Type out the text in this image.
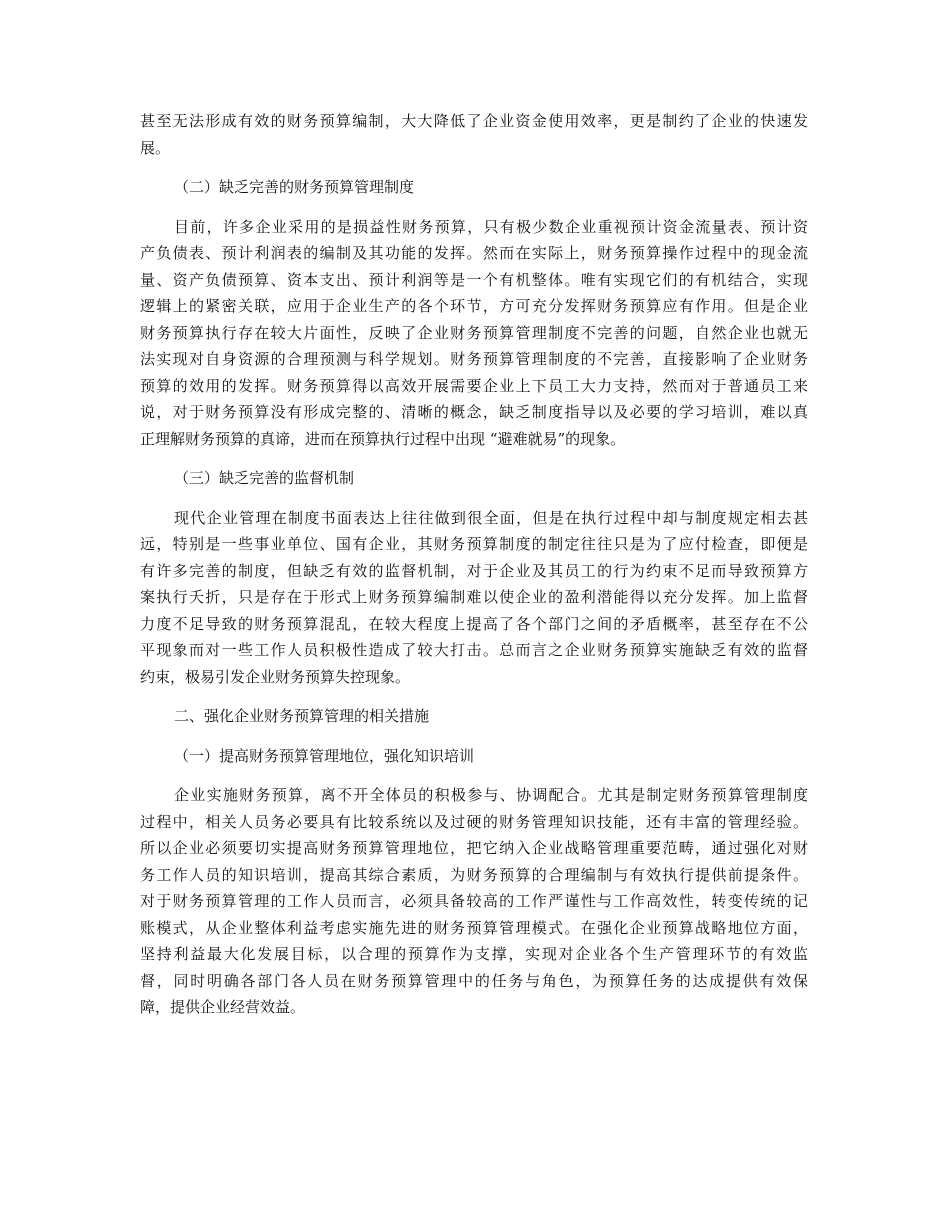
甚至无法形成有效的财务预算编制，大大降低了企业资金使用效率，更是制约了企业的快速发
展。
（二）缺乏完善的财务预算管理制度
目前，许多企业采用的是损益性财务预算，只有极少数企业重视预计资金流量表、预计资
产负债表、预计利润表的编制及其功能的发挥。然而在实际上，财务预算操作过程中的现金流
量、资产负债预算、资本支出、预计利润等是一个有机整体。唯有实现它们的有机结合，实现
逻辑上的紧密关联，应用于企业生产的各个环节，方可充分发挥财务预算应有作用。但是企业
财务预算执行存在较大片面性，反映了企业财务预算管理制度不完善的问题，自然企业也就无
法实现对自身资源的合理预测与科学规划。财务预算管理制度的不完善，直接影响了企业财务
预算的效用的发挥。财务预算得以高效开展需要企业上下员工大力支持，然而对于普通员工来
说，对于财务预算没有形成完整的、清晰的概念，缺乏制度指导以及必要的学习培训，难以真
正理解财务预算的真谛，进而在预算执行过程中出现 “避难就易”的现象。
（三）缺乏完善的监督机制
现代企业管理在制度书面表达上往往做到很全面，但是在执行过程中却与制度规定相去甚
远，特别是一些事业单位、国有企业，其财务预算制度的制定往往只是为了应付检查，即便是
有许多完善的制度，但缺乏有效的监督机制，对于企业及其员工的行为约束不足而导致预算方
案执行夭折，只是存在于形式上财务预算编制难以使企业的盈利潜能得以充分发挥。加上监督
力度不足导致的财务预算混乱，在较大程度上提高了各个部门之间的矛盾概率，甚至存在不公
平现象而对一些工作人员积极性造成了较大打击。总而言之企业财务预算实施缺乏有效的监督
约束，极易引发企业财务预算失控现象。
二、强化企业财务预算管理的相关措施
（一）提高财务预算管理地位，强化知识培训
企业实施财务预算，离不开全体员的积极参与、协调配合。尤其是制定财务预算管理制度
过程中，相关人员务必要具有比较系统以及过硬的财务管理知识技能，还有丰富的管理经验。
所以企业必须要切实提高财务预算管理地位，把它纳入企业战略管理重要范畴，通过强化对财
务工作人员的知识培训，提高其综合素质，为财务预算的合理编制与有效执行提供前提条件。
对于财务预算管理的工作人员而言，必须具备较高的工作严谨性与工作高效性，转变传统的记
账模式，从企业整体利益考虑实施先进的财务预算管理模式。在强化企业预算战略地位方面，
坚持利益最大化发展目标，以合理的预算作为支撑，实现对企业各个生产管理环节的有效监
督，同时明确各部门各人员在财务预算管理中的任务与角色，为预算任务的达成提供有效保
障，提供企业经营效益。
